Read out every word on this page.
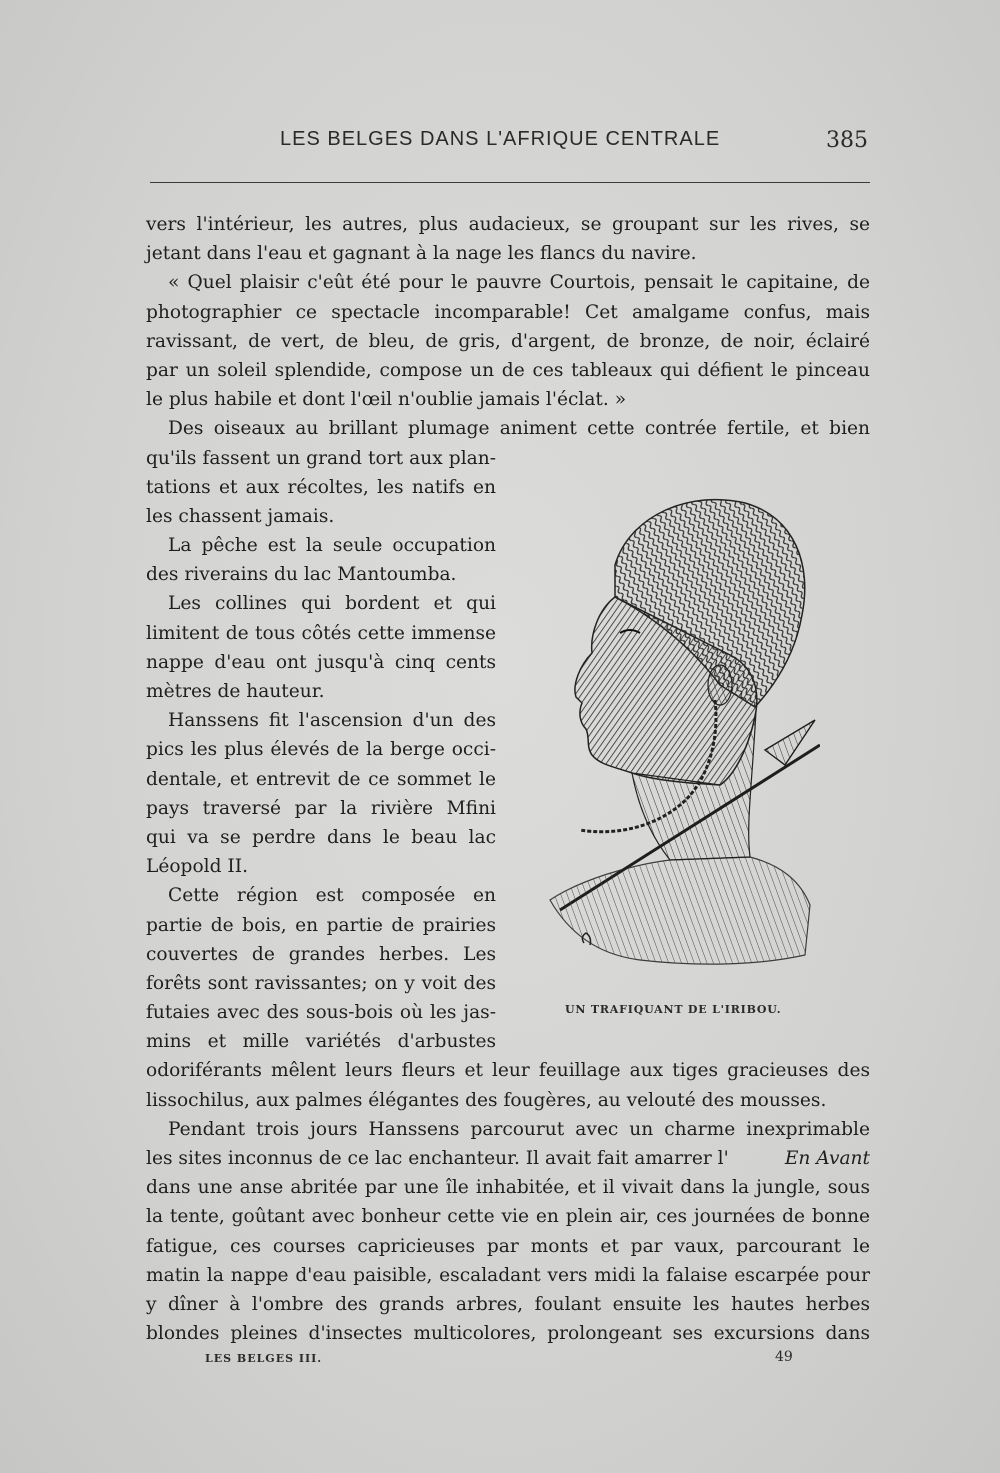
LES BELGES DANS L'AFRIQUE CENTRALE	385
vers l'intérieur, les autres, plus audacieux, se groupant sur les rives, se
jetant dans l'eau et gagnant à la nage les flancs du navire.
« Quel plaisir c'eût été pour le pauvre Courtois, pensait le capitaine, de
photographier ce spectacle incomparable! Cet amalgame confus, mais
ravissant, de vert, de bleu, de gris, d'argent, de bronze, de noir, éclairé
par un soleil splendide, compose un de ces tableaux qui défient le pinceau
le plus habile et dont l'œil n'oublie jamais l'éclat. »
Des oiseaux au brillant plumage animent cette contrée fertile, et bien
qu'ils fassent un grand tort aux plan-
tations et aux récoltes, les natifs en
les chassent jamais.
La pêche est la seule occupation
des riverains du lac Mantoumba.
Les collines qui bordent et qui
limitent de tous côtés cette immense
nappe d'eau ont jusqu'à cinq cents
mètres de hauteur.
Hanssens fit l'ascension d'un des
pics les plus élevés de la berge occi-
dentale, et entrevit de ce sommet le
pays traversé par la rivière Mfini
qui va se perdre dans le beau lac
Léopold II.
Cette région est composée en
partie de bois, en partie de prairies
couvertes de grandes herbes. Les
forêts sont ravissantes; on y voit des
futaies avec des sous-bois où les jas-
mins et mille variétés d'arbustes
odoriférants mêlent leurs fleurs et leur feuillage aux tiges gracieuses des
lissochilus, aux palmes élégantes des fougères, au velouté des mousses.
Pendant trois jours Hanssens parcourut avec un charme inexprimable
les sites inconnus de ce lac enchanteur. Il avait fait amarrer l'	En Avant
dans une anse abritée par une île inhabitée, et il vivait dans la jungle, sous
la tente, goûtant avec bonheur cette vie en plein air, ces journées de bonne
fatigue, ces courses capricieuses par monts et par vaux, parcourant le
matin la nappe d'eau paisible, escaladant vers midi la falaise escarpée pour
y dîner à l'ombre des grands arbres, foulant ensuite les hautes herbes
blondes pleines d'insectes multicolores, prolongeant ses excursions dans
UN TRAFIQUANT DE L'IRIBOU.
LES BELGES III.	49
